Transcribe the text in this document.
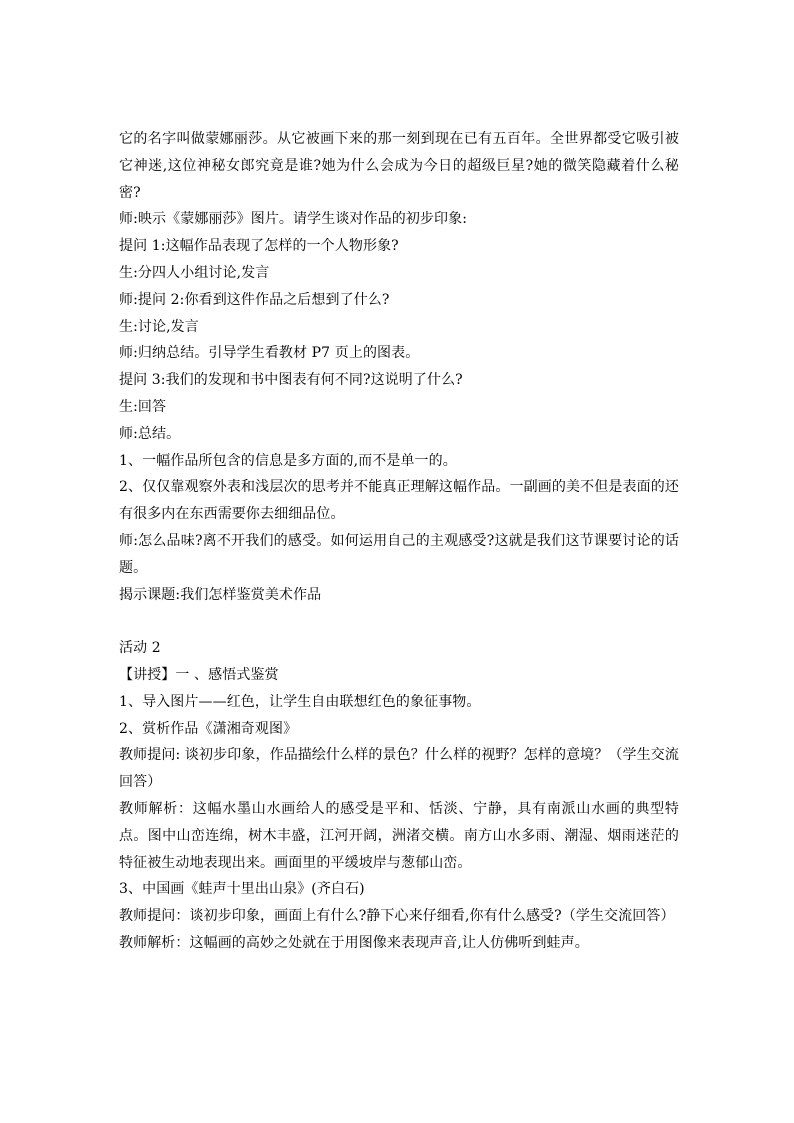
它的名字叫做蒙娜丽莎。从它被画下来的那一刻到现在已有五百年。全世界都受它吸引被它神迷,这位神秘女郎究竟是谁?她为什么会成为今日的超级巨星?她的微笑隐藏着什么秘密?

师:映示《蒙娜丽莎》图片。请学生谈对作品的初步印象:

提问 1:这幅作品表现了怎样的一个人物形象?

生:分四人小组讨论,发言

师:提问 2:你看到这件作品之后想到了什么?

生:讨论,发言

师:归纳总结。引导学生看教材 P7 页上的图表。

提问 3:我们的发现和书中图表有何不同?这说明了什么?

生:回答

师:总结。

1、一幅作品所包含的信息是多方面的,而不是单一的。

2、仅仅靠观察外表和浅层次的思考并不能真正理解这幅作品。一副画的美不但是表面的还有很多内在东西需要你去细细品位。

师:怎么品味?离不开我们的感受。如何运用自己的主观感受?这就是我们这节课要讨论的话题。

揭示课题:我们怎样鉴赏美术作品

活动 2

【讲授】一 、感悟式鉴赏

1、导入图片——红色，让学生自由联想红色的象征事物。

2、赏析作品《潇湘奇观图》

教师提问: 谈初步印象，作品描绘什么样的景色？什么样的视野？怎样的意境？（学生交流回答）

教师解析：这幅水墨山水画给人的感受是平和、恬淡、宁静，具有南派山水画的典型特点。图中山峦连绵，树木丰盛，江河开阔，洲渚交横。南方山水多雨、潮湿、烟雨迷茫的特征被生动地表现出来。画面里的平缓坡岸与葱郁山峦。

3、中国画《蛙声十里出山泉》(齐白石)

教师提问：谈初步印象，画面上有什么?静下心来仔细看,你有什么感受?（学生交流回答）

教师解析：这幅画的高妙之处就在于用图像来表现声音,让人仿佛听到蛙声。
